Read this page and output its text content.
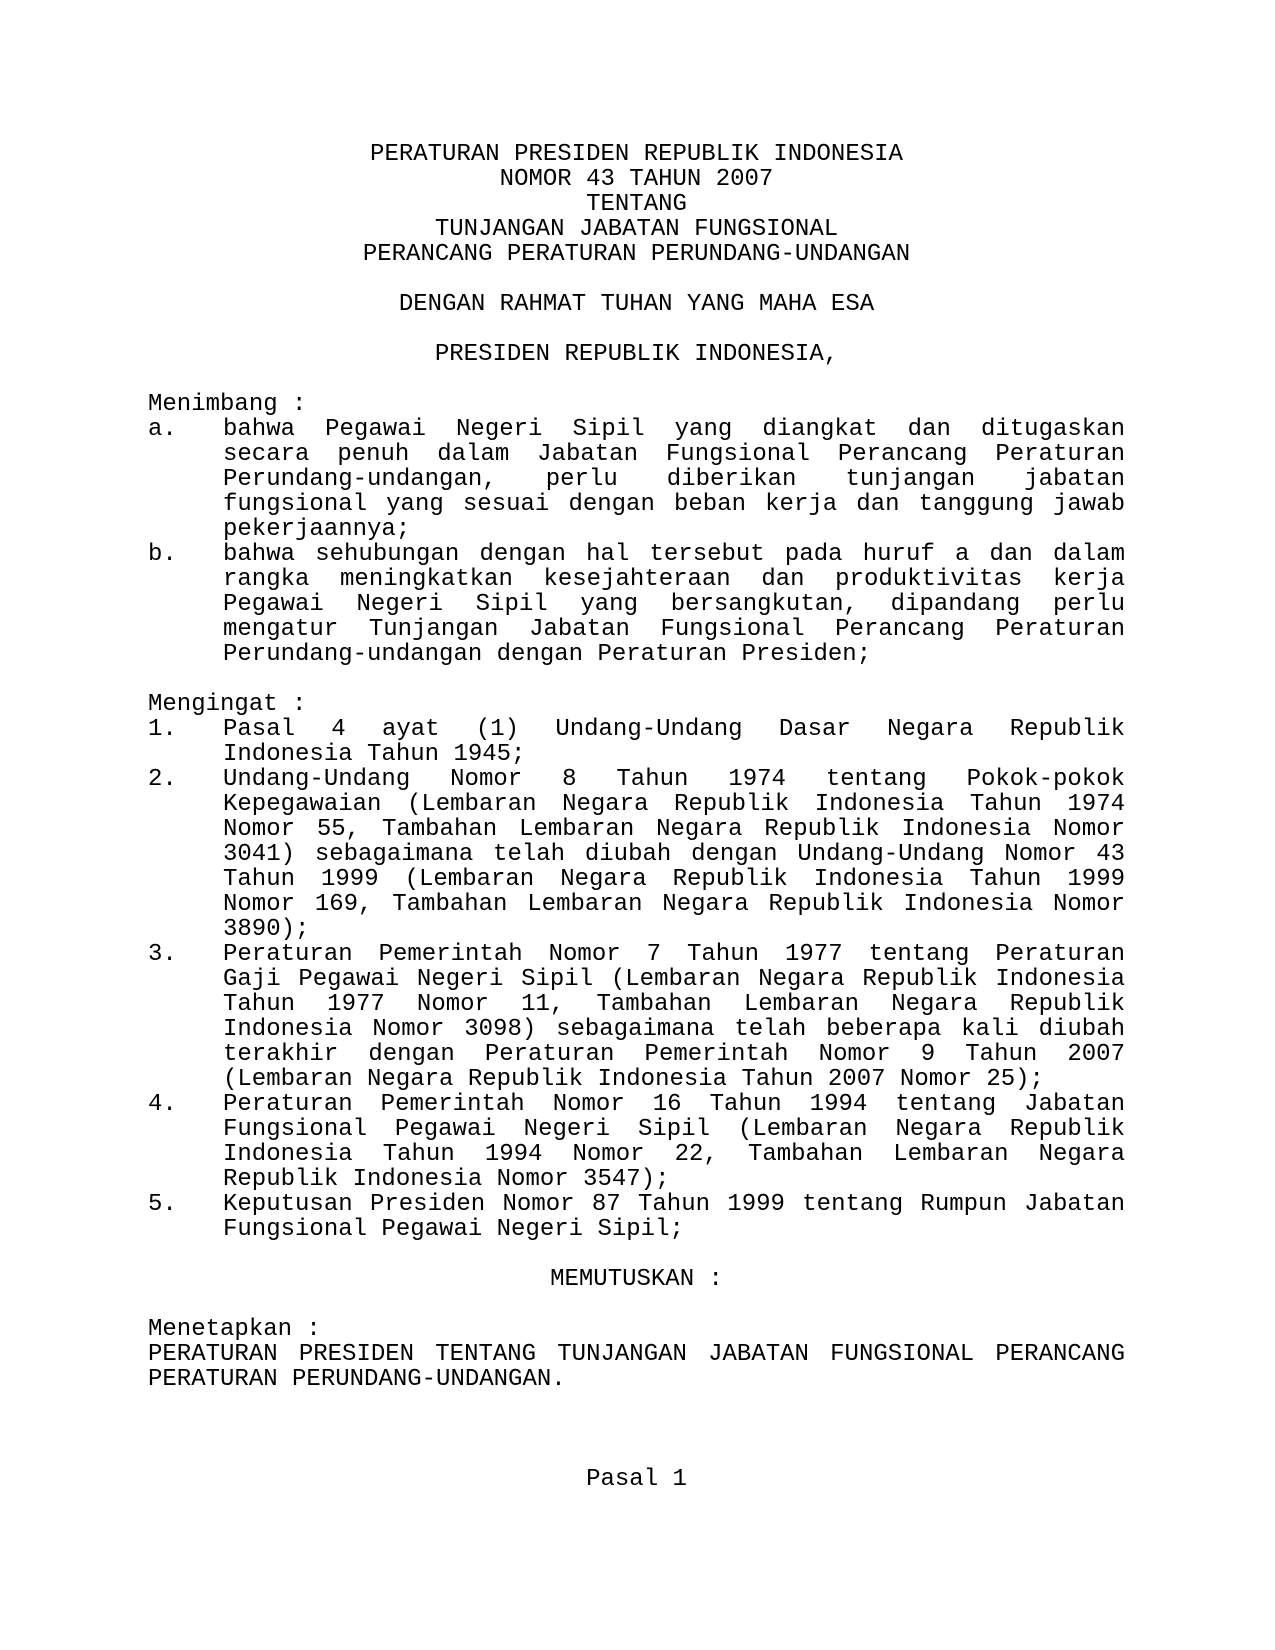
PERATURAN PRESIDEN REPUBLIK INDONESIA
NOMOR 43 TAHUN 2007
TENTANG
TUNJANGAN JABATAN FUNGSIONAL
PERANCANG PERATURAN PERUNDANG-UNDANGAN
DENGAN RAHMAT TUHAN YANG MAHA ESA
PRESIDEN REPUBLIK INDONESIA,
Menimbang :
a.	bahwa Pegawai Negeri Sipil yang diangkat dan ditugaskan
secara penuh dalam Jabatan Fungsional Perancang Peraturan
Perundang-undangan, perlu diberikan tunjangan jabatan
fungsional yang sesuai dengan beban kerja dan tanggung jawab
pekerjaannya;
b.	bahwa sehubungan dengan hal tersebut pada huruf a dan dalam
rangka meningkatkan kesejahteraan dan produktivitas kerja
Pegawai Negeri Sipil yang bersangkutan, dipandang perlu
mengatur Tunjangan Jabatan Fungsional Perancang Peraturan
Perundang-undangan dengan Peraturan Presiden;
Mengingat :
1.	Pasal 4 ayat (1) Undang-Undang Dasar Negara Republik
Indonesia Tahun 1945;
2.	Undang-Undang Nomor 8 Tahun 1974 tentang Pokok-pokok
Kepegawaian (Lembaran Negara Republik Indonesia Tahun 1974
Nomor 55, Tambahan Lembaran Negara Republik Indonesia Nomor
3041) sebagaimana telah diubah dengan Undang-Undang Nomor 43
Tahun 1999 (Lembaran Negara Republik Indonesia Tahun 1999
Nomor 169, Tambahan Lembaran Negara Republik Indonesia Nomor
3890);
3.	Peraturan Pemerintah Nomor 7 Tahun 1977 tentang Peraturan
Gaji Pegawai Negeri Sipil (Lembaran Negara Republik Indonesia
Tahun 1977 Nomor 11, Tambahan Lembaran Negara Republik
Indonesia Nomor 3098) sebagaimana telah beberapa kali diubah
terakhir dengan Peraturan Pemerintah Nomor 9 Tahun 2007
(Lembaran Negara Republik Indonesia Tahun 2007 Nomor 25);
4.	Peraturan Pemerintah Nomor 16 Tahun 1994 tentang Jabatan
Fungsional Pegawai Negeri Sipil (Lembaran Negara Republik
Indonesia Tahun 1994 Nomor 22, Tambahan Lembaran Negara
Republik Indonesia Nomor 3547);
5.	Keputusan Presiden Nomor 87 Tahun 1999 tentang Rumpun Jabatan
Fungsional Pegawai Negeri Sipil;
MEMUTUSKAN :
Menetapkan :
PERATURAN PRESIDEN TENTANG TUNJANGAN JABATAN FUNGSIONAL PERANCANG
PERATURAN PERUNDANG-UNDANGAN.
Pasal 1
